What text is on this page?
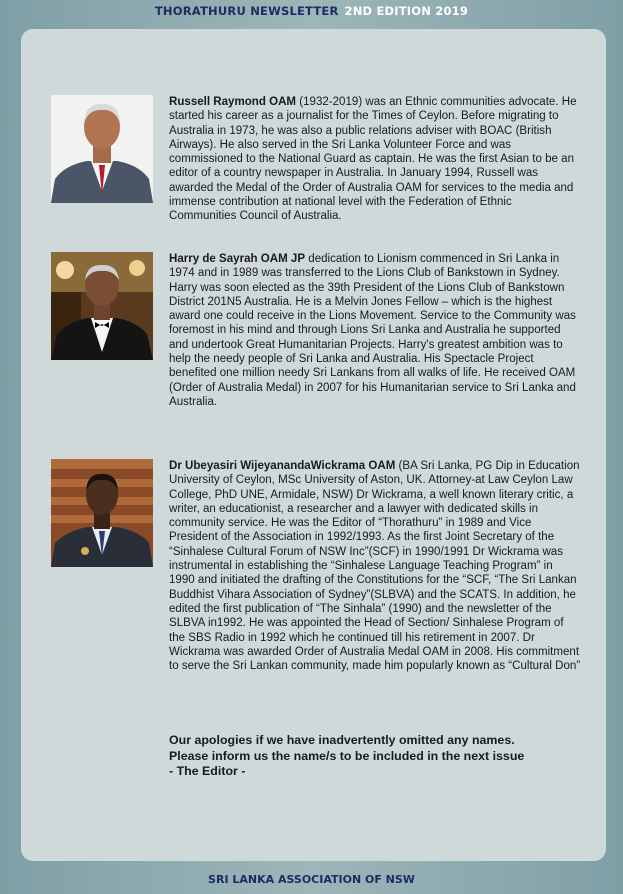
THORATHURU NEWSLETTER 2ND EDITION 2019

Russell Raymond OAM (1932-2019) was an Ethnic communities advocate. He started his career as a journalist for the Times of Ceylon. Before migrating to Australia in 1973, he was also a public relations adviser with BOAC (British Airways). He also served in the Sri Lanka Volunteer Force and was commissioned to the National Guard as captain. He was the first Asian to be an editor of a country newspaper in Australia. In January 1994, Russell was awarded the Medal of the Order of Australia OAM for services to the media and immense contribution at national level with the Federation of Ethnic Communities Council of Australia.

Harry de Sayrah OAM JP dedication to Lionism commenced in Sri Lanka in 1974 and in 1989 was transferred to the Lions Club of Bankstown in Sydney. Harry was soon elected as the 39th President of the Lions Club of Bankstown District 201N5 Australia. He is a Melvin Jones Fellow – which is the highest award one could receive in the Lions Movement. Service to the Community was foremost in his mind and through Lions Sri Lanka and Australia he supported and undertook Great Humanitarian Projects. Harry's greatest ambition was to help the needy people of Sri Lanka and Australia. His Spectacle Project benefited one million needy Sri Lankans from all walks of life. He received OAM (Order of Australia Medal) in 2007 for his Humanitarian service to Sri Lanka and Australia.

Dr Ubeyasiri WijeyanandaWickrama OAM (BA Sri Lanka, PG Dip in Education University of Ceylon, MSc University of Aston, UK. Attorney-at Law Ceylon Law College, PhD UNE, Armidale, NSW) Dr Wickrama, a well known literary critic, a writer, an educationist, a researcher and a lawyer with dedicated skills in community service. He was the Editor of “Thorathuru” in 1989 and Vice President of the Association in 1992/1993. As the first Joint Secretary of the “Sinhalese Cultural Forum of NSW Inc”(SCF) in 1990/1991 Dr Wickrama was instrumental in establishing the “Sinhalese Language Teaching Program” in 1990 and initiated the drafting of the Constitutions for the “SCF, “The Sri Lankan Buddhist Vihara Association of Sydney”(SLBVA) and the SCATS. In addition, he edited the first publication of “The Sinhala” (1990) and the newsletter of the SLBVA in1992. He was appointed the Head of Section/ Sinhalese Program of the SBS Radio in 1992 which he continued till his retirement in 2007. Dr Wickrama was awarded Order of Australia Medal OAM in 2008. His commitment to serve the Sri Lankan community, made him popularly known as “Cultural Don”

Our apologies if we have inadvertently omitted any names.
Please inform us the name/s to be included in the next issue
- The Editor -
SRI LANKA ASSOCIATION OF NSW
